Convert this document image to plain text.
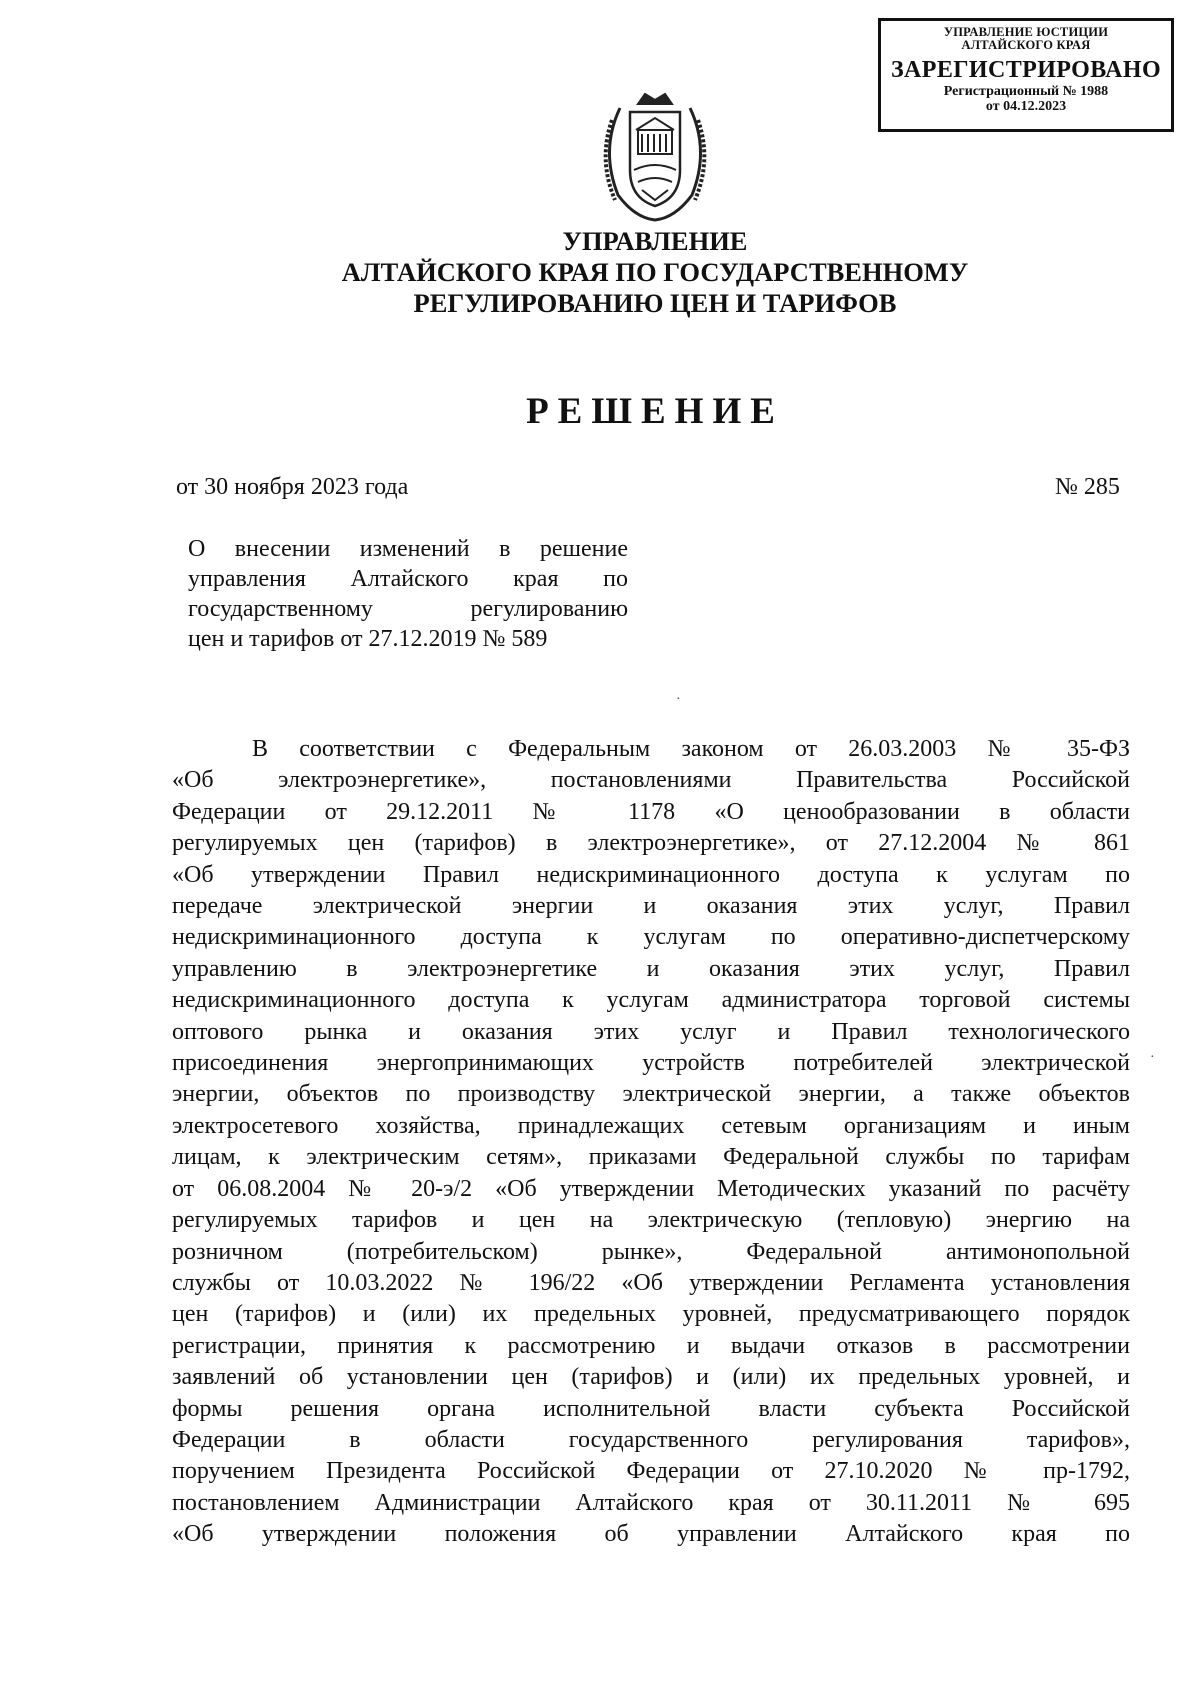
УПРАВЛЕНИЕ ЮСТИЦИИ
АЛТАЙСКОГО КРАЯ
ЗАРЕГИСТРИРОВАНО
Регистрационный № 1988
от 04.12.2023
УПРАВЛЕНИЕ
АЛТАЙСКОГО КРАЯ ПО ГОСУДАРСТВЕННОМУ
РЕГУЛИРОВАНИЮ ЦЕН И ТАРИФОВ
РЕШЕНИЕ
от 30 ноября 2023 года	№ 285
О внесении изменений в решение
управления Алтайского края по
государственному регулированию
цен и тарифов от 27.12.2019 № 589
В соответствии с Федеральным законом от 26.03.2003 № 35-ФЗ
«Об электроэнергетике», постановлениями Правительства Российской
Федерации от 29.12.2011 № 1178 «О ценообразовании в области
регулируемых цен (тарифов) в электроэнергетике», от 27.12.2004 № 861
«Об утверждении Правил недискриминационного доступа к услугам по
передаче электрической энергии и оказания этих услуг, Правил
недискриминационного доступа к услугам по оперативно-диспетчерскому
управлению в электроэнергетике и оказания этих услуг, Правил
недискриминационного доступа к услугам администратора торговой системы
оптового рынка и оказания этих услуг и Правил технологического
присоединения энергопринимающих устройств потребителей электрической
энергии, объектов по производству электрической энергии, а также объектов
электросетевого хозяйства, принадлежащих сетевым организациям и иным
лицам, к электрическим сетям», приказами Федеральной службы по тарифам
от 06.08.2004 № 20-э/2 «Об утверждении Методических указаний по расчёту
регулируемых тарифов и цен на электрическую (тепловую) энергию на
розничном (потребительском) рынке», Федеральной антимонопольной
службы от 10.03.2022 № 196/22 «Об утверждении Регламента установления
цен (тарифов) и (или) их предельных уровней, предусматривающего порядок
регистрации, принятия к рассмотрению и выдачи отказов в рассмотрении
заявлений об установлении цен (тарифов) и (или) их предельных уровней, и
формы решения органа исполнительной власти субъекта Российской
Федерации в области государственного регулирования тарифов»,
поручением Президента Российской Федерации от 27.10.2020 № пр-1792,
постановлением Администрации Алтайского края от 30.11.2011 № 695
«Об утверждении положения об управлении Алтайского края по
·
·
